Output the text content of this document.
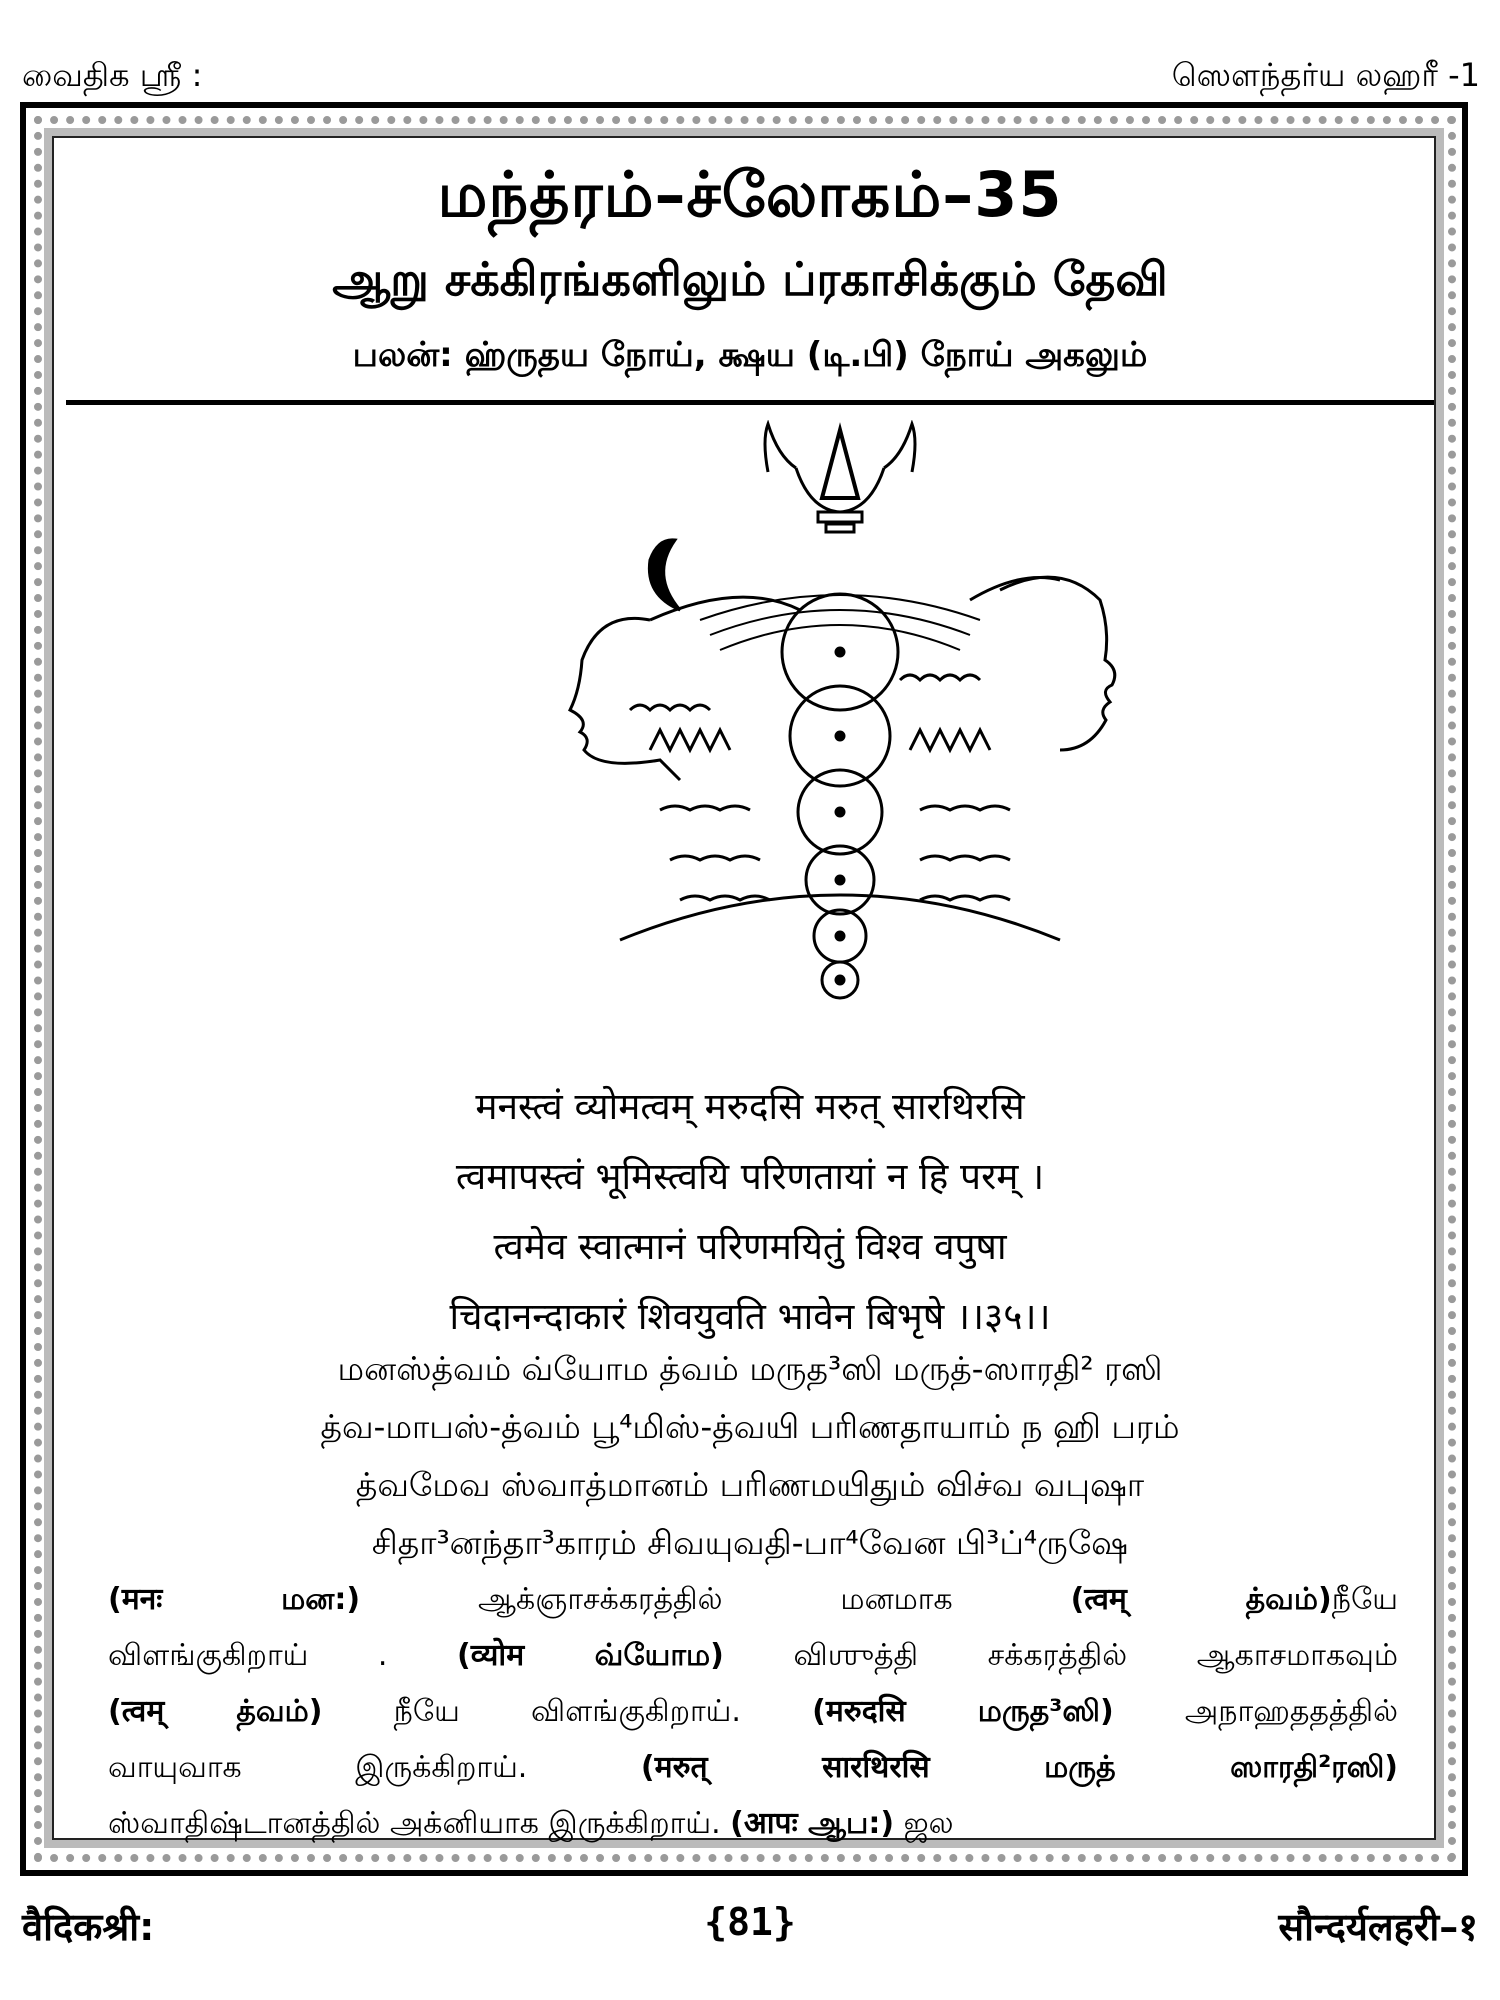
வைதிக ஸ்ரீ :	ஸௌந்தர்ய லஹரீ -1
மந்த்ரம்–ச்லோகம்–35
ஆறு சக்கிரங்களிலும் ப்ரகாசிக்கும் தேவி
பலன்: ஹ்ருதய நோய், க்ஷய (டி.பி) நோய் அகலும்
मनस्त्वं व्योमत्वम् मरुदसि मरुत् सारथिरसि
त्वमापस्त्वं भूमिस्त्वयि परिणतायां न हि परम् ।
त्वमेव स्वात्मानं परिणमयितुं विश्व वपुषा
चिदानन्दाकारं शिवयुवति भावेन बिभृषे ।।३५।।
மனஸ்த்வம் வ்யோம த்வம் மருத³ஸி மருத்-ஸாரதி² ரஸி
த்வ-மாபஸ்-த்வம் பூ⁴மிஸ்-த்வயி பரிணதாயாம் ந ஹி பரம்
த்வமேவ ஸ்வாத்மானம் பரிணமயிதும் விச்வ வபுஷா
சிதா³னந்தா³காரம் சிவயுவதி-பா⁴வேன பி³ப்⁴ருஷே

(मनः மன:) ஆக்ஞாசக்கரத்தில் மனமாக (त्वम् த்வம்)நீயே

விளங்குகிறாய் . (व्योम வ்யோம) விஶுத்தி சக்கரத்தில் ஆகாசமாகவும்

(त्वम् த்வம்) நீயே விளங்குகிறாய். (मरुदसि மருத³ஸி) அநாஹததத்தில்

வாயுவாக இருக்கிறாய். (मरुत् सारथिरसि மருத் ஸாரதி²ரஸி)

ஸ்வாதிஷ்டானத்தில் அக்னியாக இருக்கிறாய். (आपः ஆப:) ஜல

वैदिकश्री:	{81}	सौन्दर्यलहरी–१
